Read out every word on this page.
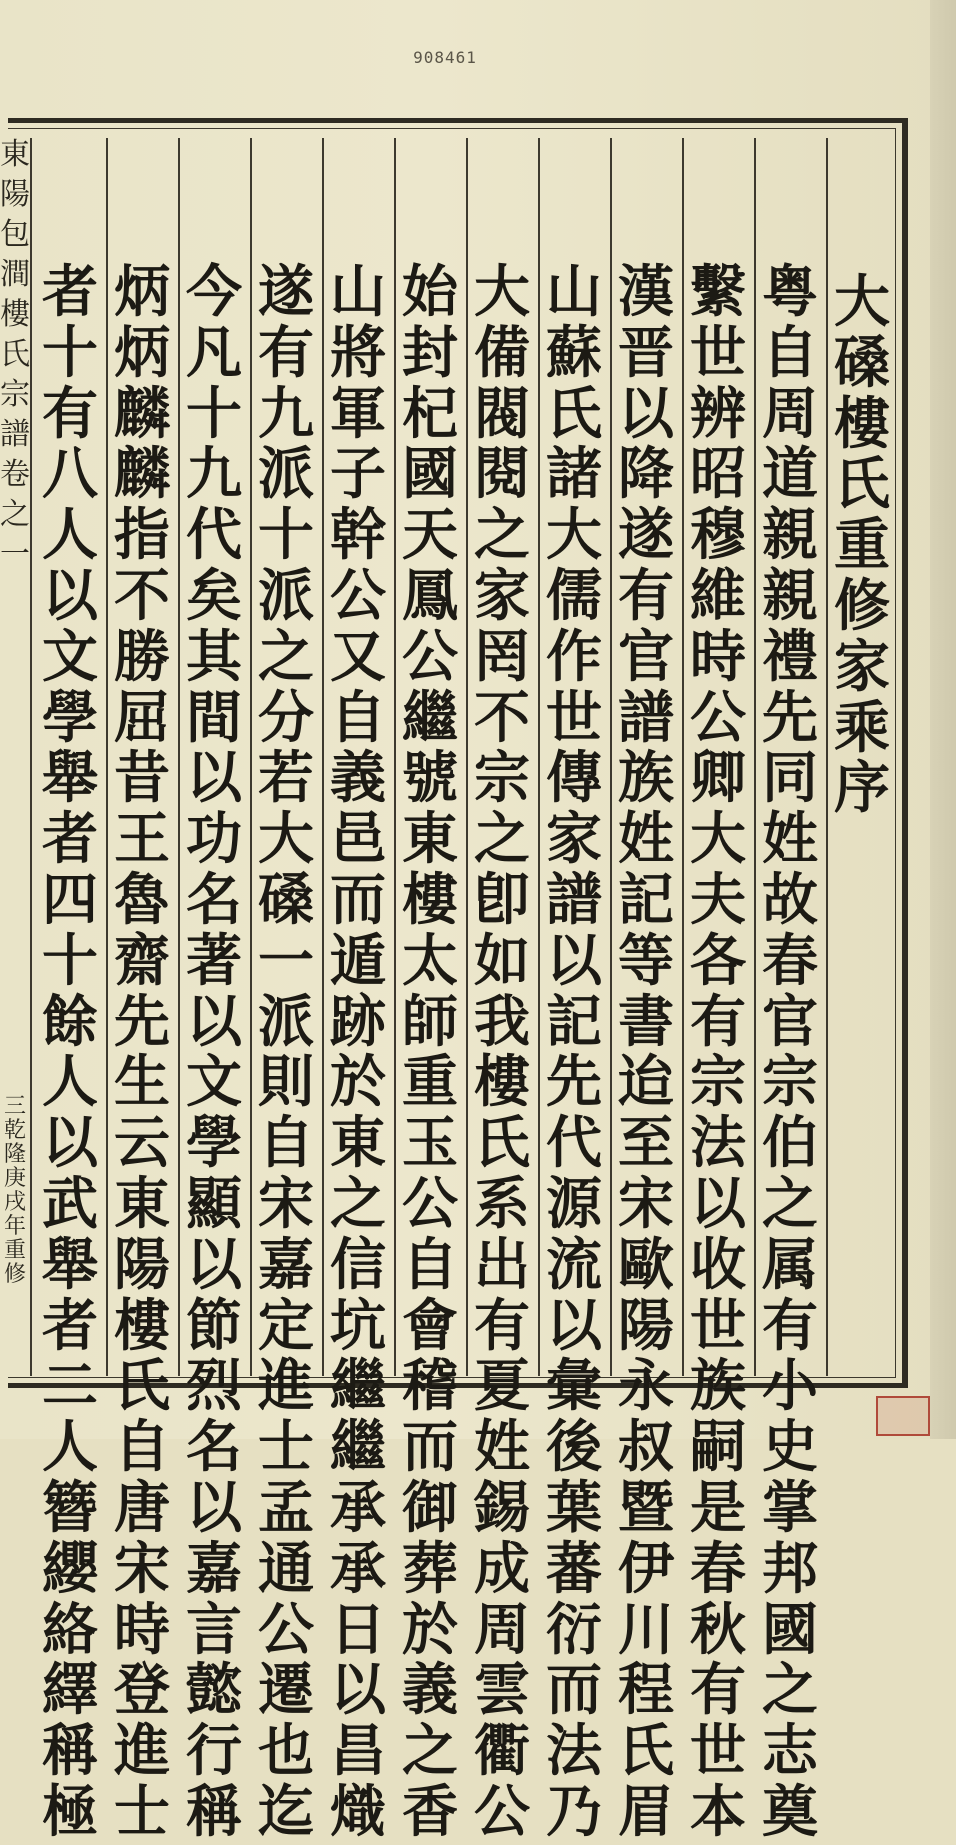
908461
東
陽
包
澗
樓
氏
宗
譜
卷
之
一
三
乾
隆
庚
戌
年
重
修
大
磉
樓
氏
重
修
家
乘
序
粤
自
周
道
親
親
禮
先
同
姓
故
春
官
宗
伯
之
属
有
小
史
掌
邦
國
之
志
奠
繫
世
辨
昭
穆
維
時
公
卿
大
夫
各
有
宗
法
以
收
世
族
嗣
是
春
秋
有
世
本
漢
晋
以
降
遂
有
官
譜
族
姓
記
等
書
迨
至
宋
歐
陽
永
叔
暨
伊
川
程
氏
眉
山
蘇
氏
諸
大
儒
作
世
傳
家
譜
以
記
先
代
源
流
以
彙
後
葉
蕃
衍
而
法
乃
大
備
閥
閱
之
家
罔
不
宗
之
卽
如
我
樓
氏
系
出
有
夏
姓
錫
成
周
雲
衢
公
始
封
杞
國
天
鳳
公
繼
號
東
樓
太
師
重
玉
公
自
會
稽
而
御
葬
於
義
之
香
山
將
軍
子
幹
公
又
自
義
邑
而
遁
跡
於
東
之
信
坑
繼
繼
承
承
日
以
昌
熾
遂
有
九
派
十
派
之
分
若
大
磉
一
派
則
自
宋
嘉
定
進
士
孟
通
公
遷
也
迄
今
凡
十
九
代
矣
其
間
以
功
名
著
以
文
學
顯
以
節
烈
名
以
嘉
言
懿
行
稱
炳
炳
麟
麟
指
不
勝
屈
昔
王
魯
齋
先
生
云
東
陽
樓
氏
自
唐
宋
時
登
進
士
者
十
有
八
人
以
文
學
舉
者
四
十
餘
人
以
武
舉
者
二
人
簪
纓
絡
繹
稱
極
